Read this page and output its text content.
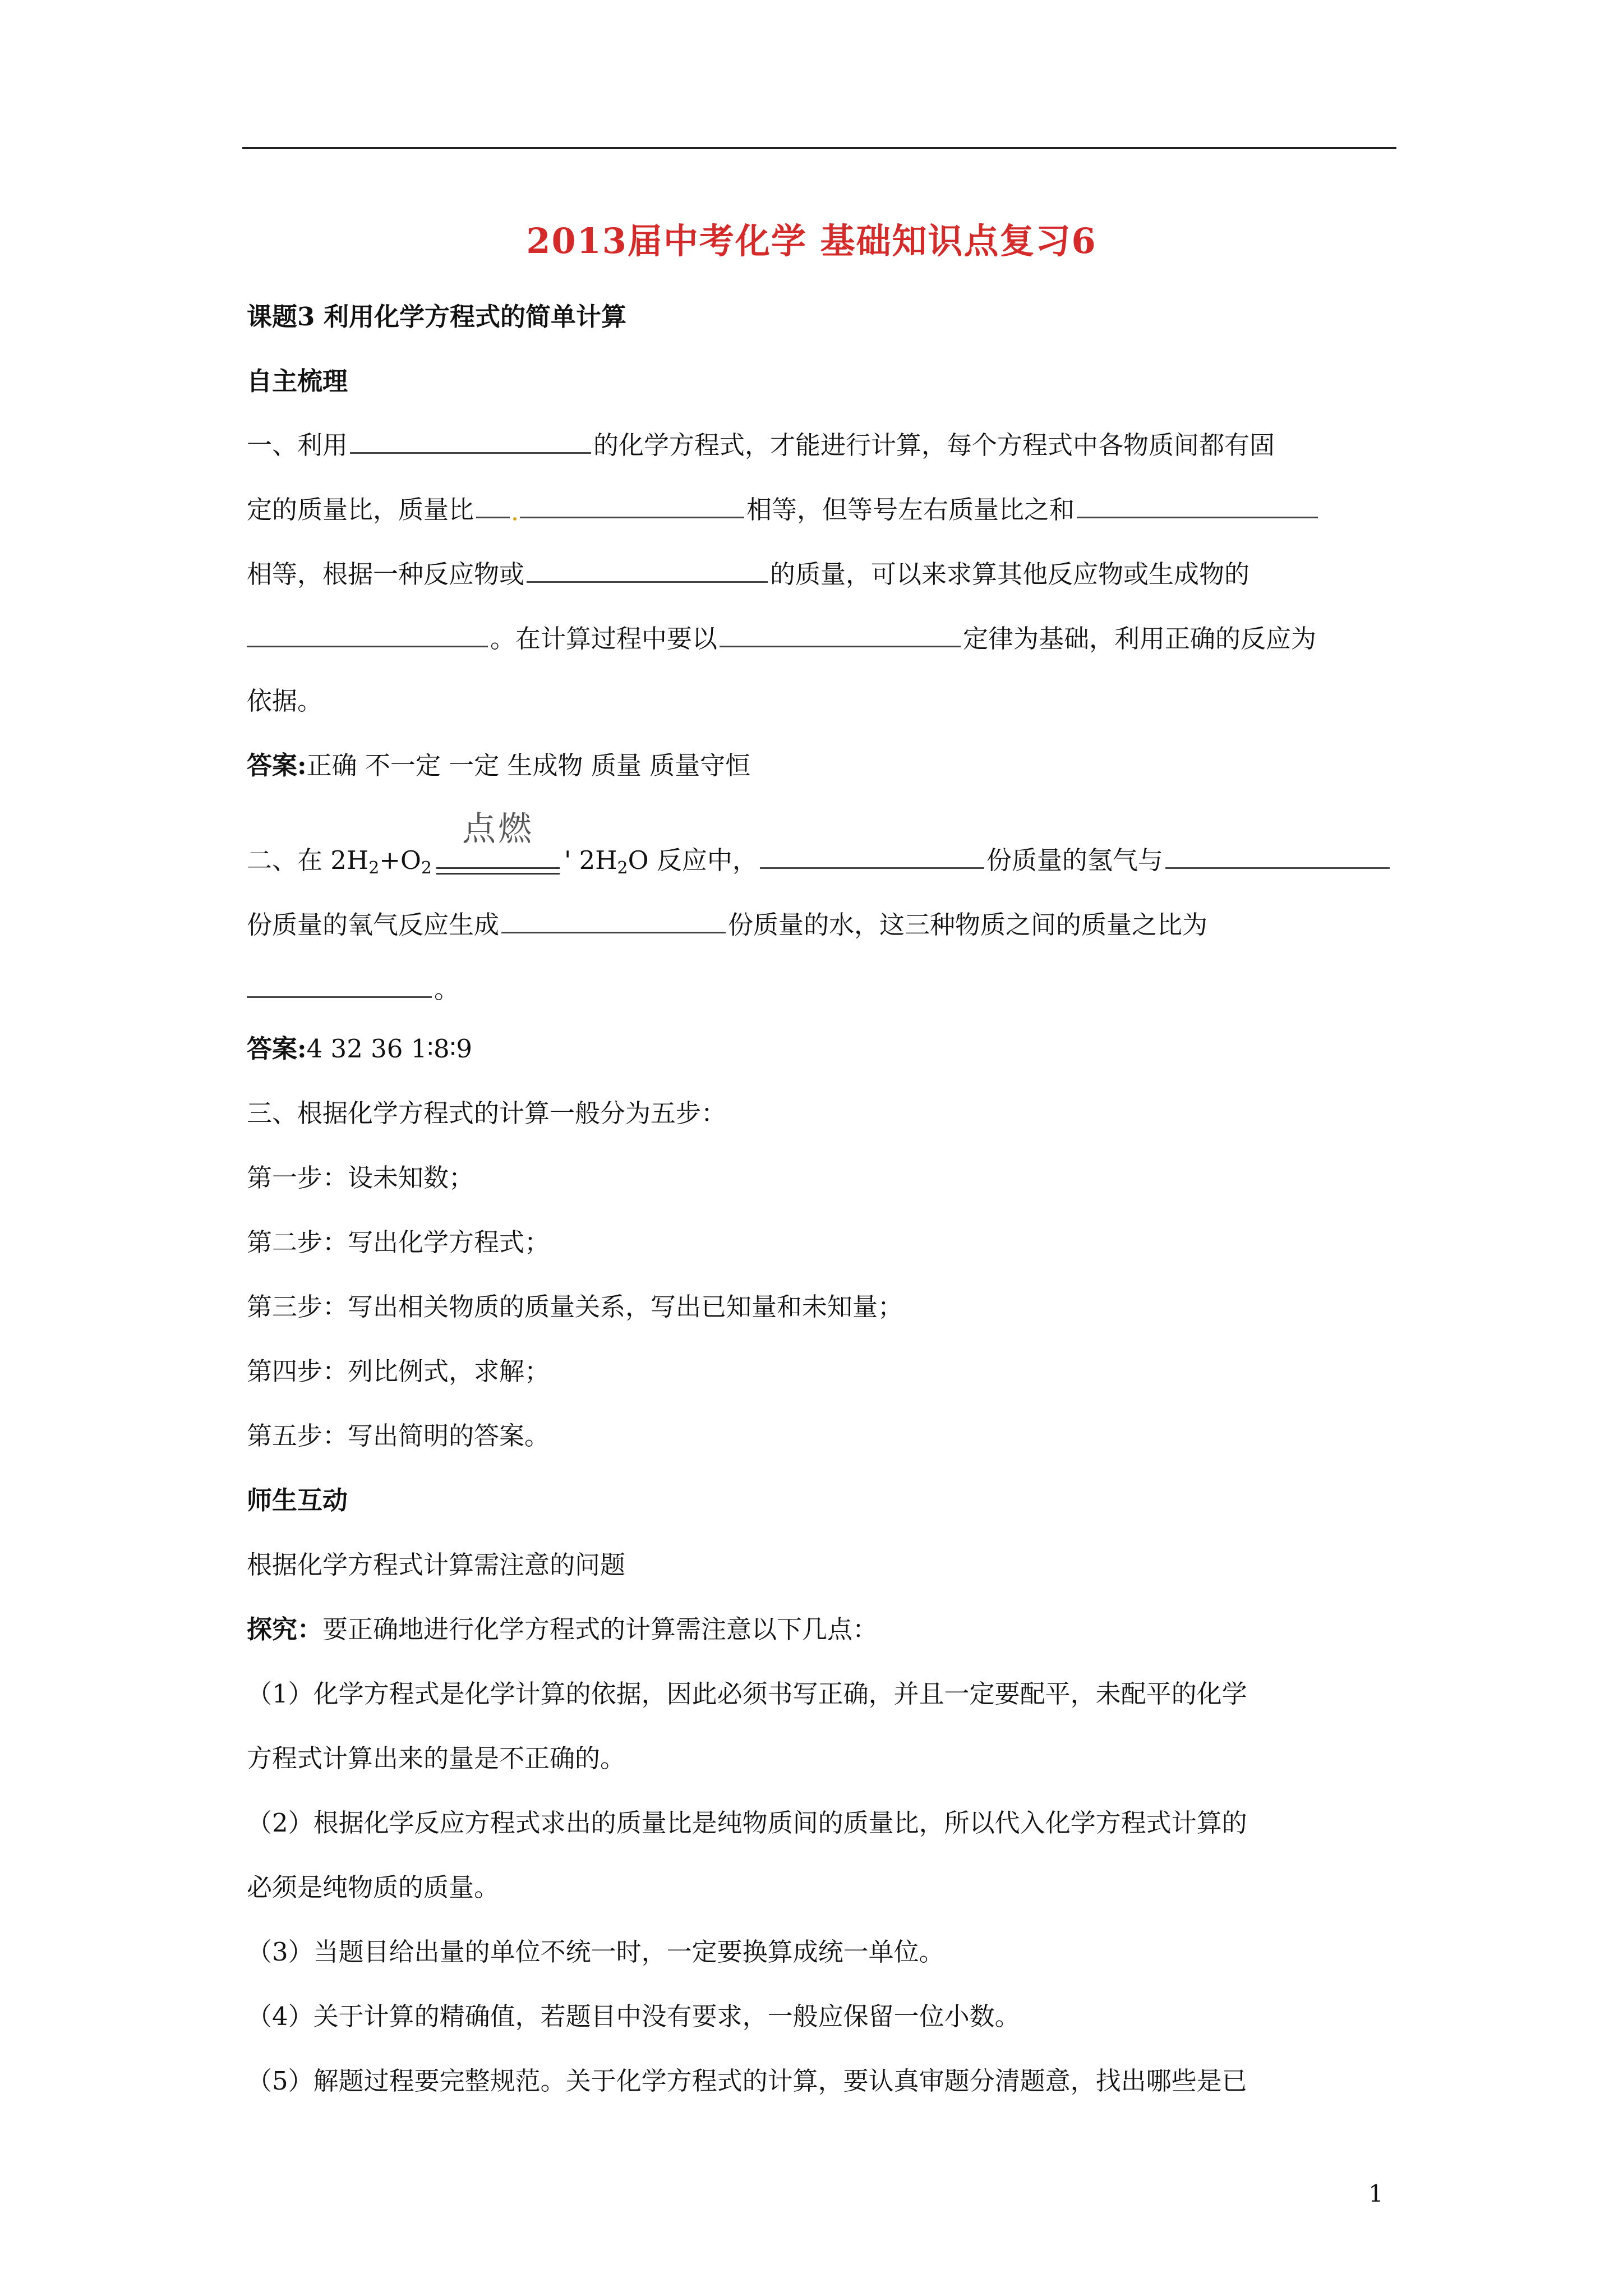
2013届中考化学 基础知识点复习6
课题3 利用化学方程式的简单计算
自主梳理
一、利用	的化学方程式，才能进行计算，每个方程式中各物质间都有固
定的质量比，质量比	相等，但等号左右质量比之和
相等，根据一种反应物或	的质量，可以来求算其他反应物或生成物的
。在计算过程中要以	定律为基础，利用正确的反应为
依据。
答案:正确 不一定 一定 生成物 质量 质量守恒
二、在 $2H_2+O_2$
点燃
' $2H_2O$ 反应中，	份质量的氢气与
份质量的氧气反应生成	份质量的水，这三种物质之间的质量之比为
。
答案:4 32 36 1∶8∶9
三、根据化学方程式的计算一般分为五步：
第一步：设未知数；
第二步：写出化学方程式；
第三步：写出相关物质的质量关系，写出已知量和未知量；
第四步：列比例式，求解；
第五步：写出简明的答案。
师生互动
根据化学方程式计算需注意的问题
探究：要正确地进行化学方程式的计算需注意以下几点：
（1）化学方程式是化学计算的依据，因此必须书写正确，并且一定要配平，未配平的化学
方程式计算出来的量是不正确的。
（2）根据化学反应方程式求出的质量比是纯物质间的质量比，所以代入化学方程式计算的
必须是纯物质的质量。
（3）当题目给出量的单位不统一时，一定要换算成统一单位。
（4）关于计算的精确值，若题目中没有要求，一般应保留一位小数。
（5）解题过程要完整规范。关于化学方程式的计算，要认真审题分清题意，找出哪些是已
1
